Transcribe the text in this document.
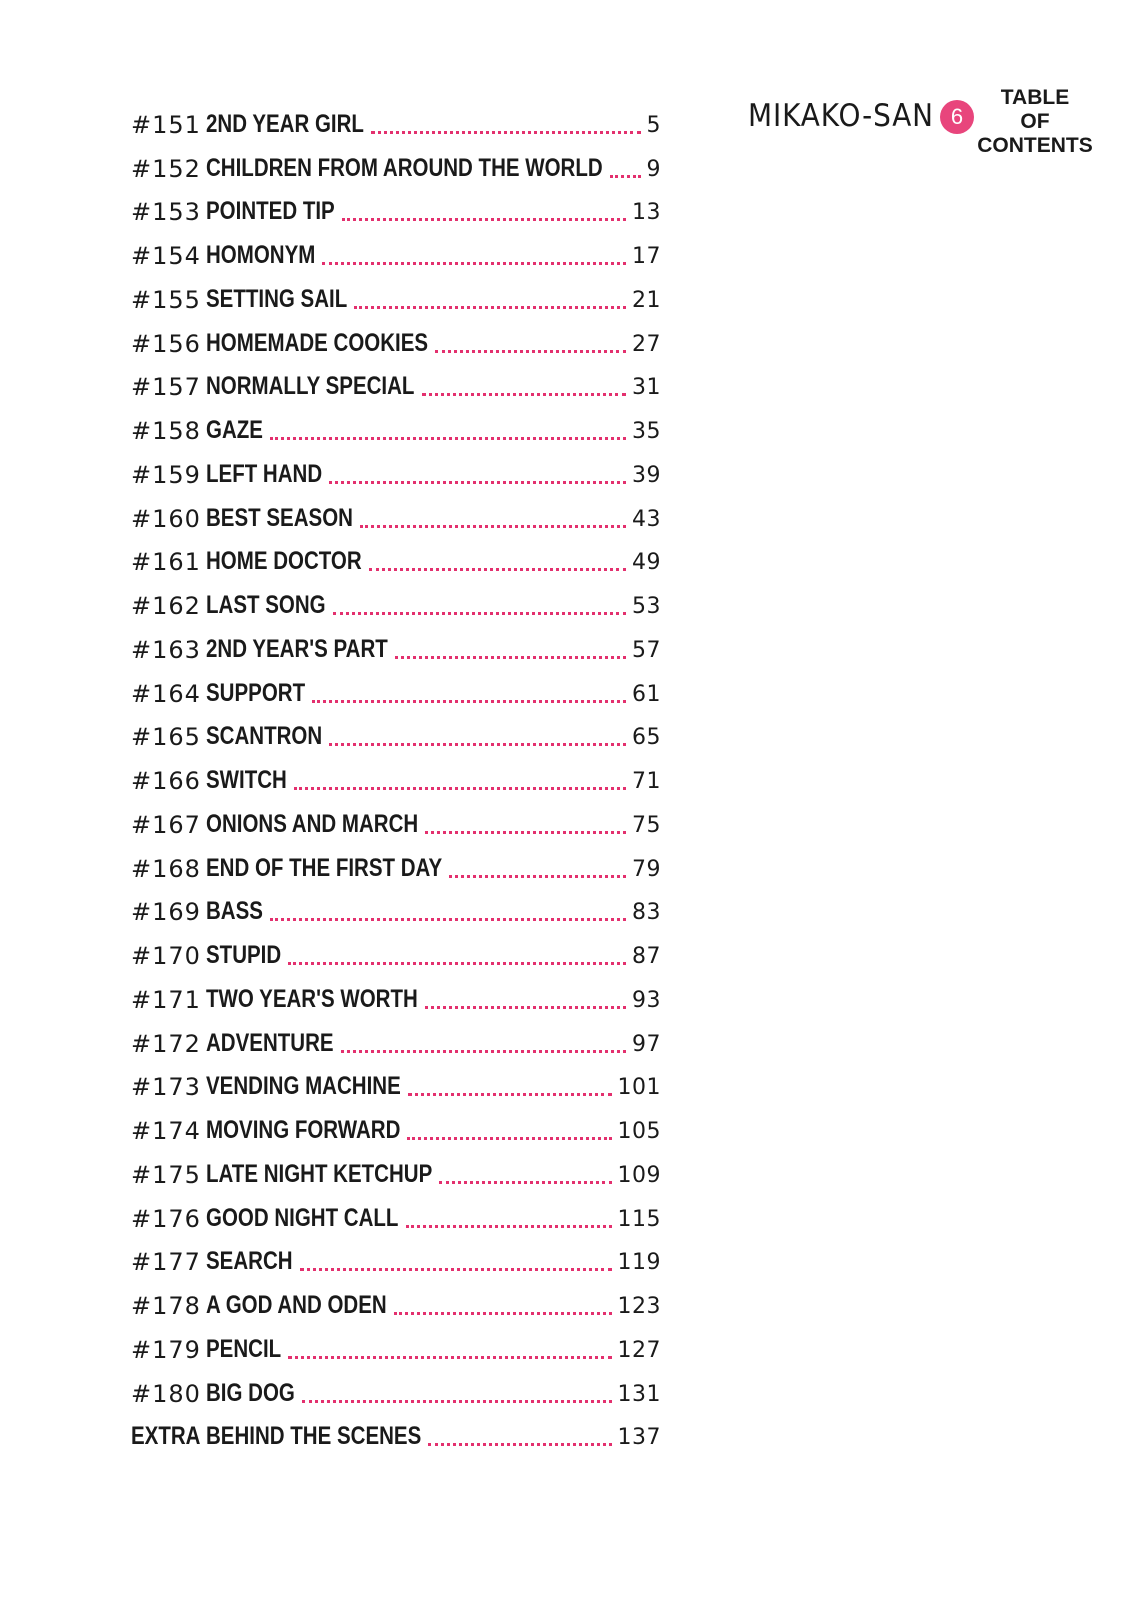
#151 2ND YEAR GIRL	5
#152 CHILDREN FROM AROUND THE WORLD	9
#153 POINTED TIP	13
#154 HOMONYM	17
#155 SETTING SAIL	21
#156 HOMEMADE COOKIES	27
#157 NORMALLY SPECIAL	31
#158 GAZE	35
#159 LEFT HAND	39
#160 BEST SEASON	43
#161 HOME DOCTOR	49
#162 LAST SONG	53
#163 2ND YEAR'S PART	57
#164 SUPPORT	61
#165 SCANTRON	65
#166 SWITCH	71
#167 ONIONS AND MARCH	75
#168 END OF THE FIRST DAY	79
#169 BASS	83
#170 STUPID	87
#171 TWO YEAR'S WORTH	93
#172 ADVENTURE	97
#173 VENDING MACHINE	101
#174 MOVING FORWARD	105
#175 LATE NIGHT KETCHUP	109
#176 GOOD NIGHT CALL	115
#177 SEARCH	119
#178 A GOD AND ODEN	123
#179 PENCIL	127
#180 BIG DOG	131
EXTRA BEHIND THE SCENES	137
MIKAKO-SAN 6
TABLE
OF
CONTENTS
